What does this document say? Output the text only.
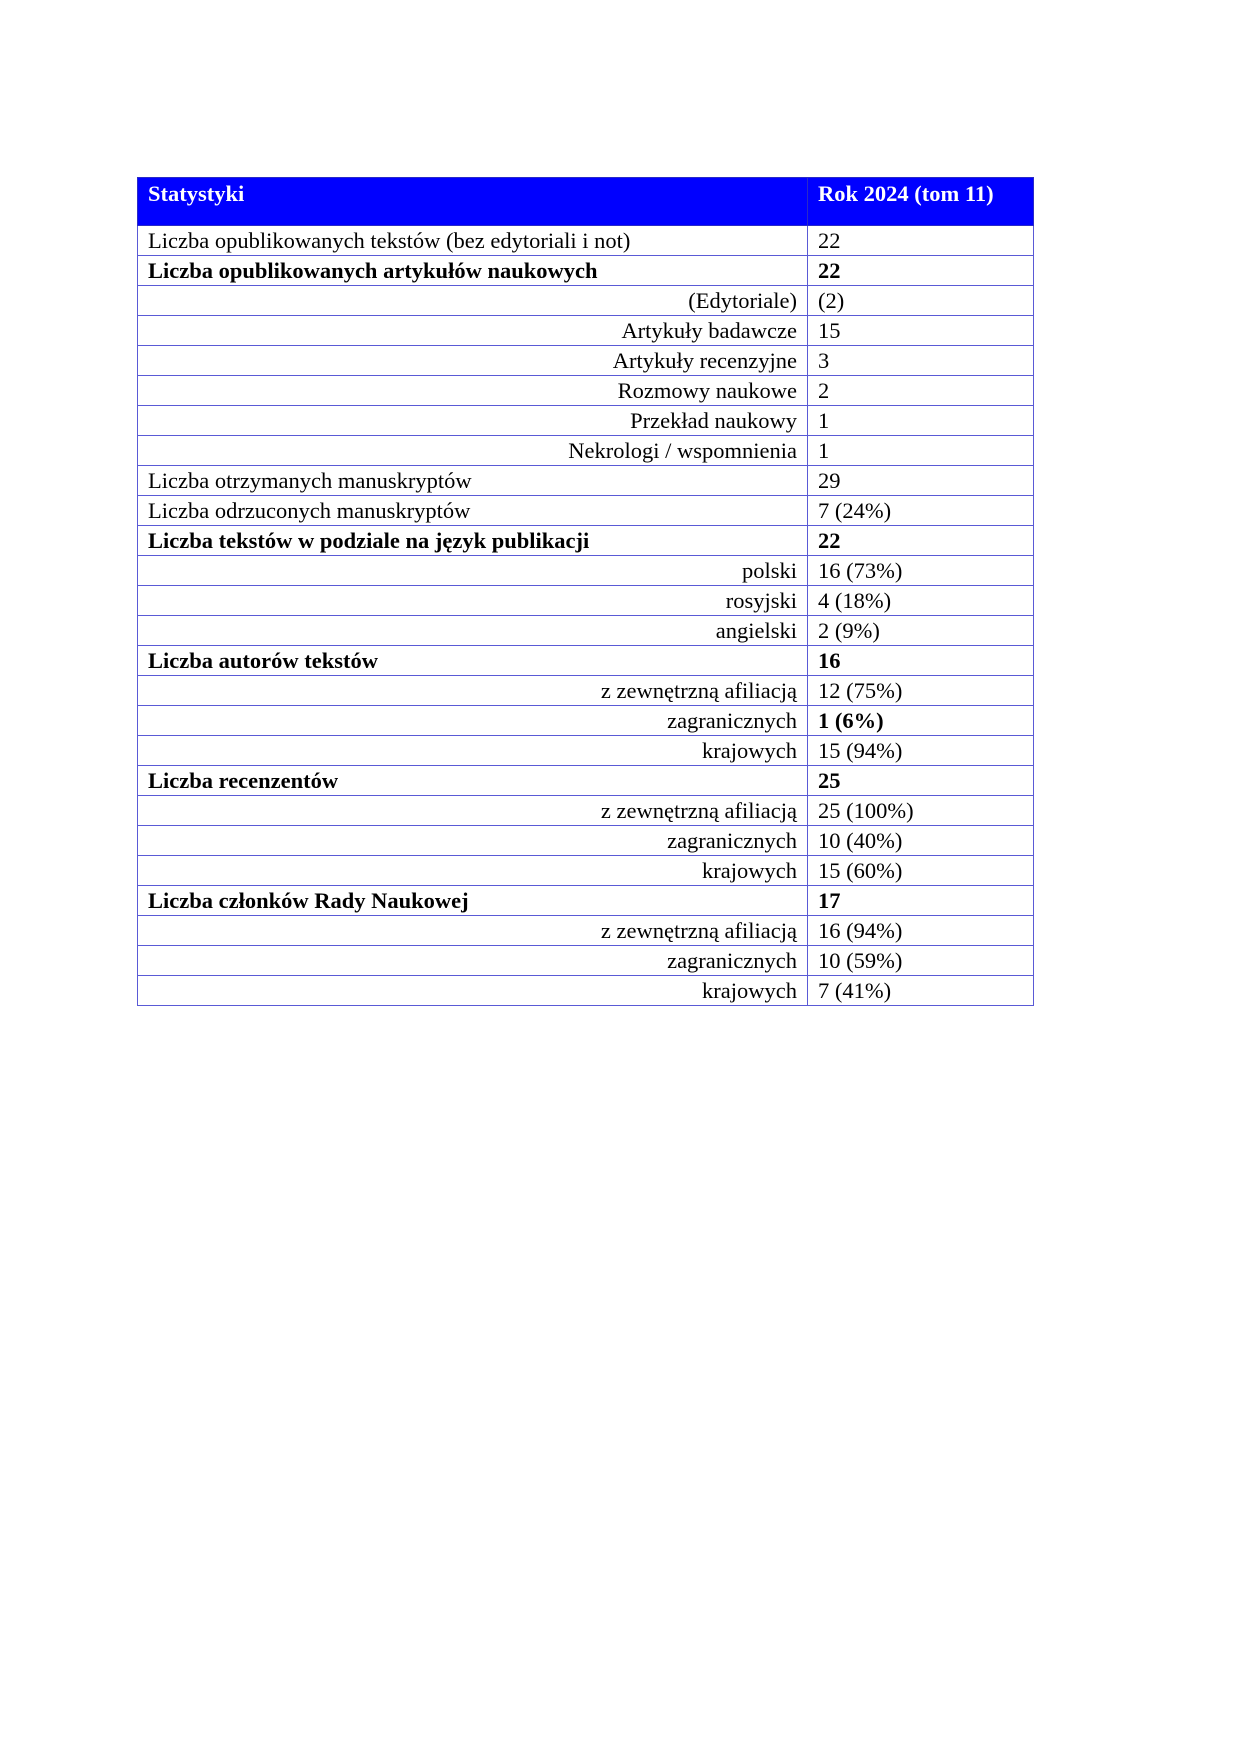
Statystyki	Rok 2024 (tom 11)
Liczba opublikowanych tekstów (bez edytoriali i not)	22
Liczba opublikowanych artykułów naukowych	22
(Edytoriale)	(2)
Artykuły badawcze	15
Artykuły recenzyjne	3
Rozmowy naukowe	2
Przekład naukowy	1
Nekrologi / wspomnienia	1
Liczba otrzymanych manuskryptów	29
Liczba odrzuconych manuskryptów	7 (24%)
Liczba tekstów w podziale na język publikacji	22
polski	16 (73%)
rosyjski	4 (18%)
angielski	2 (9%)
Liczba autorów tekstów	16
z zewnętrzną afiliacją	12 (75%)
zagranicznych	1 (6%)
krajowych	15 (94%)
Liczba recenzentów	25
z zewnętrzną afiliacją	25 (100%)
zagranicznych	10 (40%)
krajowych	15 (60%)
Liczba członków Rady Naukowej	17
z zewnętrzną afiliacją	16 (94%)
zagranicznych	10 (59%)
krajowych	7 (41%)
